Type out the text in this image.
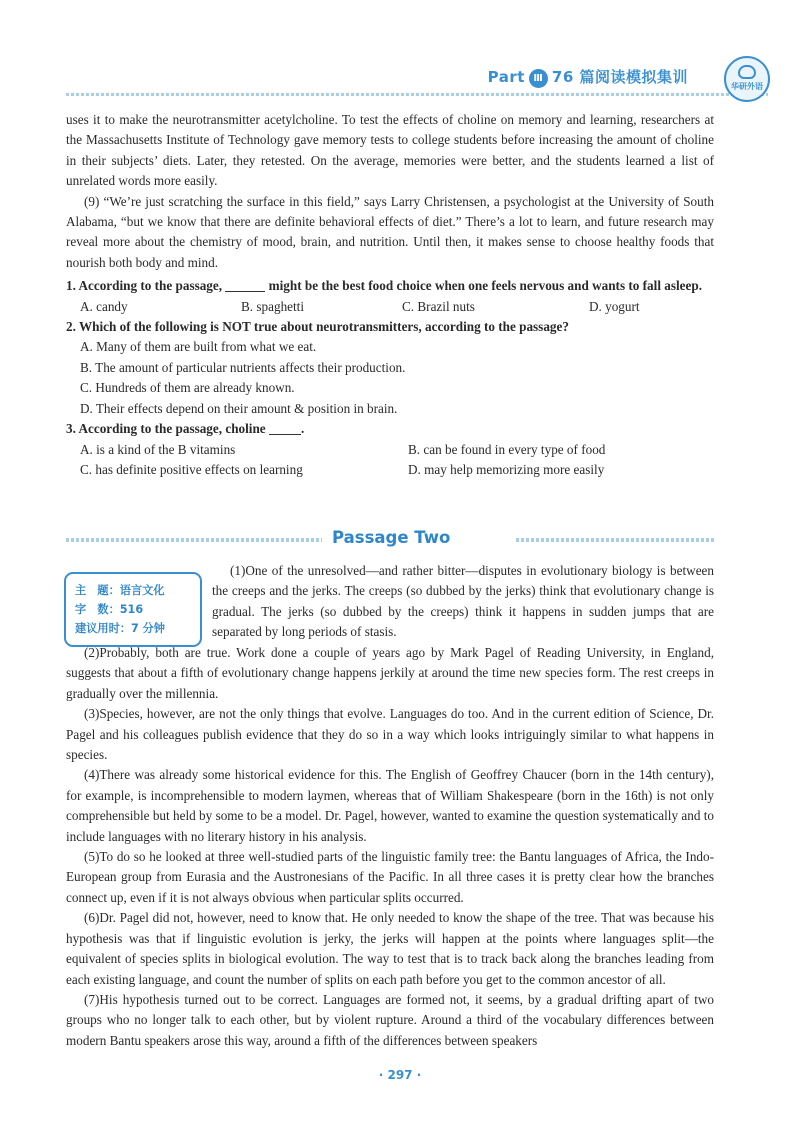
Part Ⅲ 76 篇阅读模拟集训
华研外语

uses it to make the neurotransmitter acetylcholine. To test the effects of choline on memory and learning, researchers at the Massachusetts Institute of Technology gave memory tests to college students before increasing the amount of choline in their subjects’ diets. Later, they retested. On the average, memories were better, and the students learned a list of unrelated words more easily.

(9) “We’re just scratching the surface in this field,” says Larry Christensen, a psychologist at the University of South Alabama, “but we know that there are definite behavioral effects of diet.” There’s a lot to learn, and future research may reveal more about the chemistry of mood, brain, and nutrition. Until then, it makes sense to choose healthy foods that nourish both body and mind.

1. According to the passage,	might be the best food choice when one feels nervous and wants to fall asleep.

A. candy	B. spaghetti	C. Brazil nuts	D. yogurt

2. Which of the following is NOT true about neurotransmitters, according to the passage?

A. Many of them are built from what we eat.

B. The amount of particular nutrients affects their production.

C. Hundreds of them are already known.

D. Their effects depend on their amount & position in brain.

3. According to the passage, choline	.

A. is a kind of the B vitamins	B. can be found in every type of food
C. has definite positive effects on learning	D. may help memorizing more easily
Passage Two
主　题：语言文化
字　数：516
建议用时：7 分钟

(1)One of the unresolved—and rather bitter—disputes in evolutionary biology is between the creeps and the jerks. The creeps (so dubbed by the jerks) think that evolutionary change is gradual. The jerks (so dubbed by the creeps) think it happens in sudden jumps that are separated by long periods of stasis.

(2)Probably, both are true. Work done a couple of years ago by Mark Pagel of Reading University, in England, suggests that about a fifth of evolutionary change happens jerkily at around the time new species form. The rest creeps in gradually over the millennia.

(3)Species, however, are not the only things that evolve. Languages do too. And in the current edition of Science, Dr. Pagel and his colleagues publish evidence that they do so in a way which looks intriguingly similar to what happens in species.

(4)There was already some historical evidence for this. The English of Geoffrey Chaucer (born in the 14th century), for example, is incomprehensible to modern laymen, whereas that of William Shakespeare (born in the 16th) is not only comprehensible but held by some to be a model. Dr. Pagel, however, wanted to examine the question systematically and to include languages with no literary history in his analysis.

(5)To do so he looked at three well-studied parts of the linguistic family tree: the Bantu languages of Africa, the Indo-European group from Eurasia and the Austronesians of the Pacific. In all three cases it is pretty clear how the branches connect up, even if it is not always obvious when particular splits occurred.

(6)Dr. Pagel did not, however, need to know that. He only needed to know the shape of the tree. That was because his hypothesis was that if linguistic evolution is jerky, the jerks will happen at the points where languages split—the equivalent of species splits in biological evolution. The way to test that is to track back along the branches leading from each existing language, and count the number of splits on each path before you get to the common ancestor of all.

(7)His hypothesis turned out to be correct. Languages are formed not, it seems, by a gradual drifting apart of two groups who no longer talk to each other, but by violent rupture. Around a third of the vocabulary differences between modern Bantu speakers arose this way, around a fifth of the differences between speakers

· 297 ·
